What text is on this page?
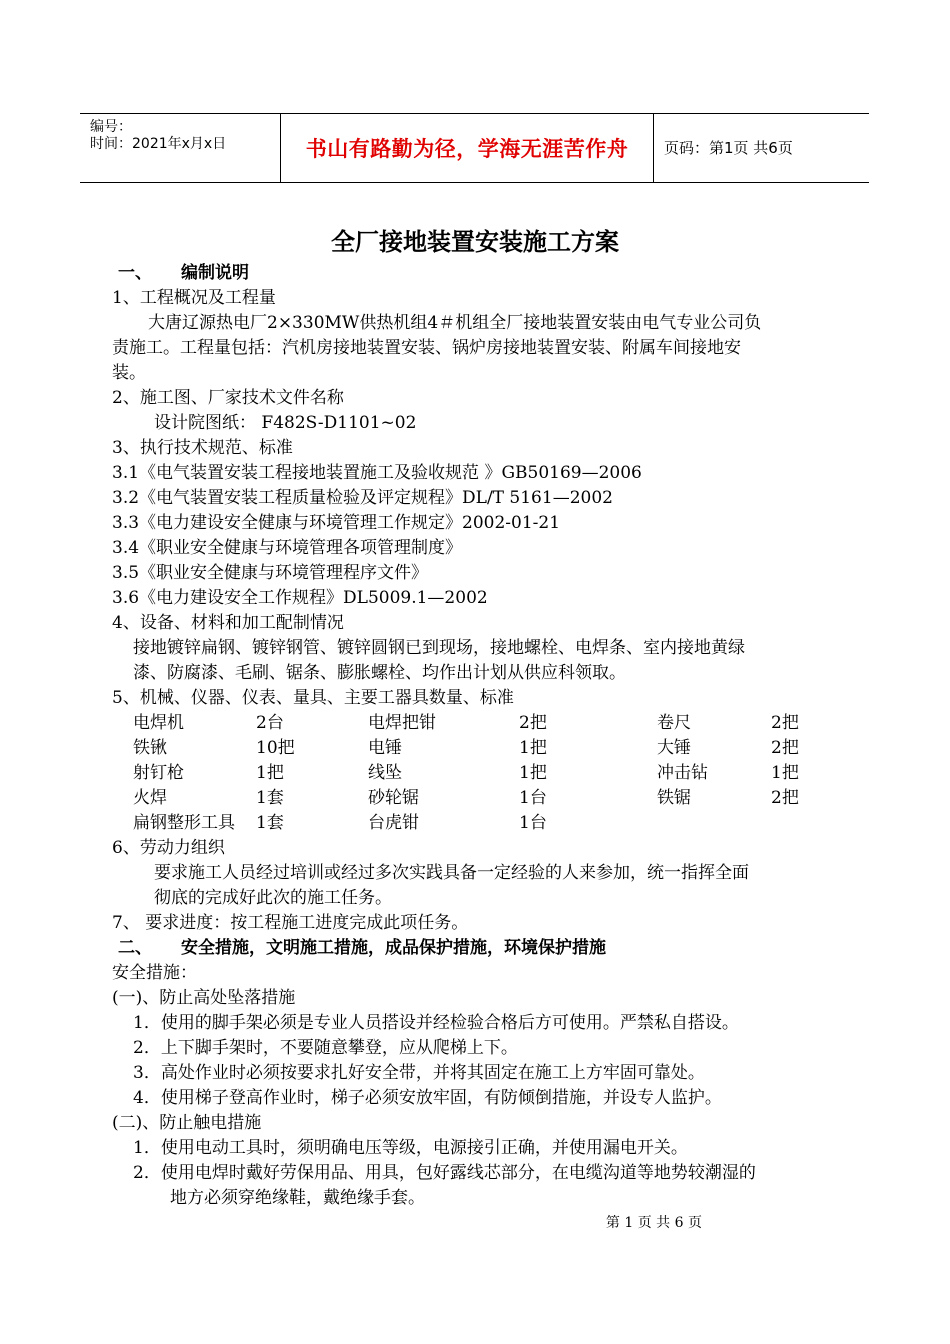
编号：
时间：2021年x月x日	书山有路勤为径，学海无涯苦作舟	页码：第1页 共6页
全厂接地装置安装施工方案
一、 编制说明
1、工程概况及工程量
大唐辽源热电厂2×330MW供热机组4＃机组全厂接地装置安装由电气专业公司负
责施工。工程量包括：汽机房接地装置安装、锅炉房接地装置安装、附属车间接地安
装。
2、施工图、厂家技术文件名称
设计院图纸： F482S-D1101~02
3、执行技术规范、标准
3.1《电气装置安装工程接地装置施工及验收规范 》GB50169—2006
3.2《电气装置安装工程质量检验及评定规程》DL/T 5161—2002
3.3《电力建设安全健康与环境管理工作规定》2002-01-21
3.4《职业安全健康与环境管理各项管理制度》
3.5《职业安全健康与环境管理程序文件》
3.6《电力建设安全工作规程》DL5009.1—2002
4、设备、材料和加工配制情况
接地镀锌扁钢、镀锌钢管、镀锌圆钢已到现场，接地螺栓、电焊条、室内接地黄绿
漆、防腐漆、毛刷、锯条、膨胀螺栓、均作出计划从供应科领取。
5、机械、仪器、仪表、量具、主要工器具数量、标准
电焊机	2台	电焊把钳	2把	卷尺	2把
铁锹	10把	电锤	1把	大锤	2把
射钉枪	1把	线坠	1把	冲击钻	1把
火焊	1套	砂轮锯	1台	铁锯	2把
扁钢整形工具 1套	台虎钳	1台
6、劳动力组织
要求施工人员经过培训或经过多次实践具备一定经验的人来参加，统一指挥全面
彻底的完成好此次的施工任务。
7、 要求进度：按工程施工进度完成此项任务。
二、 安全措施，文明施工措施，成品保护措施，环境保护措施
安全措施：
(一)、防止高处坠落措施
1．使用的脚手架必须是专业人员搭设并经检验合格后方可使用。严禁私自搭设。
2．上下脚手架时，不要随意攀登，应从爬梯上下。
3．高处作业时必须按要求扎好安全带，并将其固定在施工上方牢固可靠处。
4．使用梯子登高作业时，梯子必须安放牢固，有防倾倒措施，并设专人监护。
(二)、防止触电措施
1．使用电动工具时，须明确电压等级，电源接引正确，并使用漏电开关。
2．使用电焊时戴好劳保用品、用具，包好露线芯部分，在电缆沟道等地势较潮湿的
地方必须穿绝缘鞋，戴绝缘手套。
第 1 页 共 6 页
